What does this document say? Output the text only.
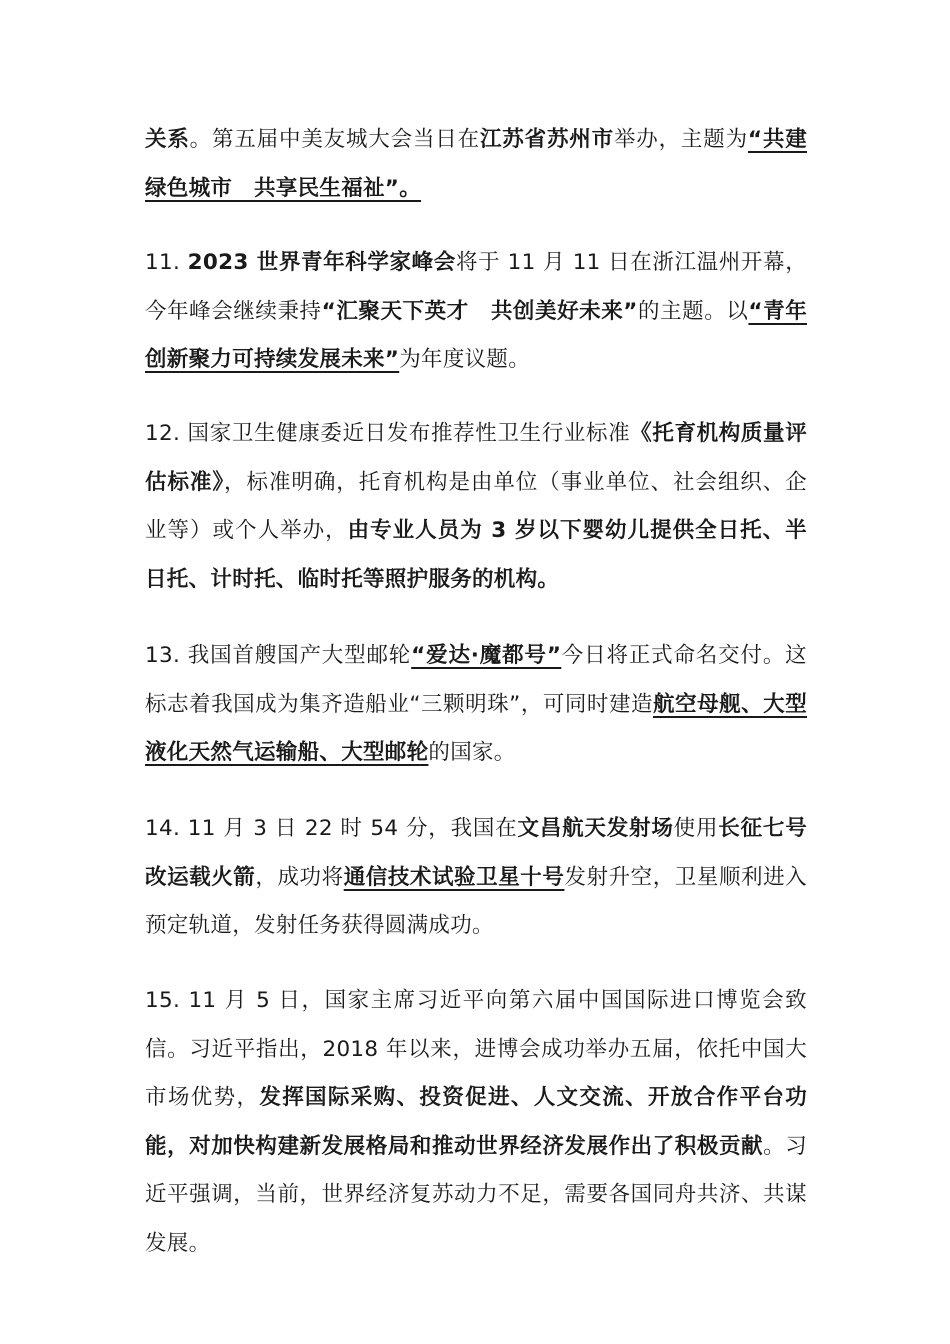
关系。第五届中美友城大会当日在江苏省苏州市举办，主题为“共建绿色城市　共享民生福祉”。

11. 2023 世界青年科学家峰会将于 11 月 11 日在浙江温州开幕，今年峰会继续秉持“汇聚天下英才　共创美好未来”的主题。以“青年创新聚力可持续发展未来”为年度议题。

12. 国家卫生健康委近日发布推荐性卫生行业标准《托育机构质量评估标准》，标准明确，托育机构是由单位（事业单位、社会组织、企业等）或个人举办，由专业人员为 3 岁以下婴幼儿提供全日托、半日托、计时托、临时托等照护服务的机构。

13. 我国首艘国产大型邮轮“爱达·魔都号”今日将正式命名交付。这标志着我国成为集齐造船业“三颗明珠”，可同时建造航空母舰、大型液化天然气运输船、大型邮轮的国家。

14. 11 月 3 日 22 时 54 分，我国在文昌航天发射场使用长征七号改运载火箭，成功将通信技术试验卫星十号发射升空，卫星顺利进入预定轨道，发射任务获得圆满成功。

15. 11 月 5 日，国家主席习近平向第六届中国国际进口博览会致信。习近平指出，2018 年以来，进博会成功举办五届，依托中国大市场优势，发挥国际采购、投资促进、人文交流、开放合作平台功能，对加快构建新发展格局和推动世界经济发展作出了积极贡献。习近平强调，当前，世界经济复苏动力不足，需要各国同舟共济、共谋发展。
